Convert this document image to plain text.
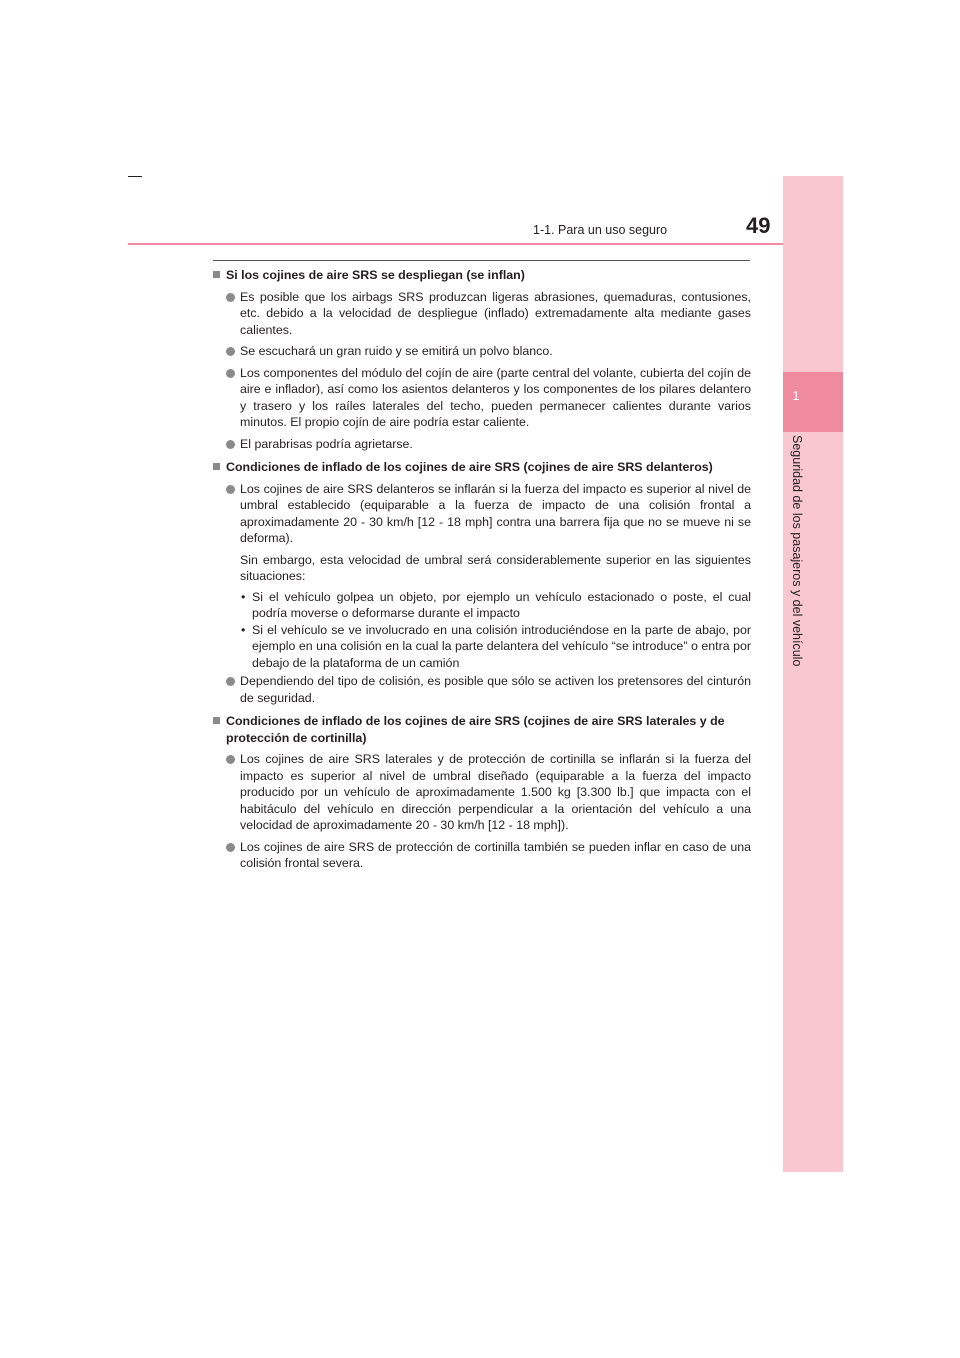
1
Seguridad de los pasajeros y del vehículo
1-1. Para un uso seguro	49
Si los cojines de aire SRS se despliegan (se inflan)
Es posible que los airbags SRS produzcan ligeras abrasiones, quemaduras, contusiones, etc. debido a la velocidad de despliegue (inflado) extremadamente alta mediante gases calientes.
Se escuchará un gran ruido y se emitirá un polvo blanco.
Los componentes del módulo del cojín de aire (parte central del volante, cubierta del cojín de aire e inflador), así como los asientos delanteros y los componentes de los pilares delantero y trasero y los raíles laterales del techo, pueden permanecer calientes durante varios minutos. El propio cojín de aire podría estar caliente.
El parabrisas podría agrietarse.
Condiciones de inflado de los cojines de aire SRS (cojines de aire SRS delanteros)
Los cojines de aire SRS delanteros se inflarán si la fuerza del impacto es superior al nivel de umbral establecido (equiparable a la fuerza de impacto de una colisión frontal a aproximadamente 20 - 30 km/h [12 - 18 mph] contra una barrera fija que no se mueve ni se deforma).
Sin embargo, esta velocidad de umbral será considerablemente superior en las siguientes situaciones:
• Si el vehículo golpea un objeto, por ejemplo un vehículo estacionado o poste, el cual podría moverse o deformarse durante el impacto
• Si el vehículo se ve involucrado en una colisión introduciéndose en la parte de abajo, por ejemplo en una colisión en la cual la parte delantera del vehículo “se introduce” o entra por debajo de la plataforma de un camión
Dependiendo del tipo de colisión, es posible que sólo se activen los pretensores del cinturón de seguridad.
Condiciones de inflado de los cojines de aire SRS (cojines de aire SRS laterales y de protección de cortinilla)
Los cojines de aire SRS laterales y de protección de cortinilla se inflarán si la fuerza del impacto es superior al nivel de umbral diseñado (equiparable a la fuerza del impacto producido por un vehículo de aproximadamente 1.500 kg [3.300 lb.] que impacta con el habitáculo del vehículo en dirección perpendicular a la orientación del vehículo a una velocidad de aproximadamente 20 - 30 km/h [12 - 18 mph]).
Los cojines de aire SRS de protección de cortinilla también se pueden inflar en caso de una colisión frontal severa.
